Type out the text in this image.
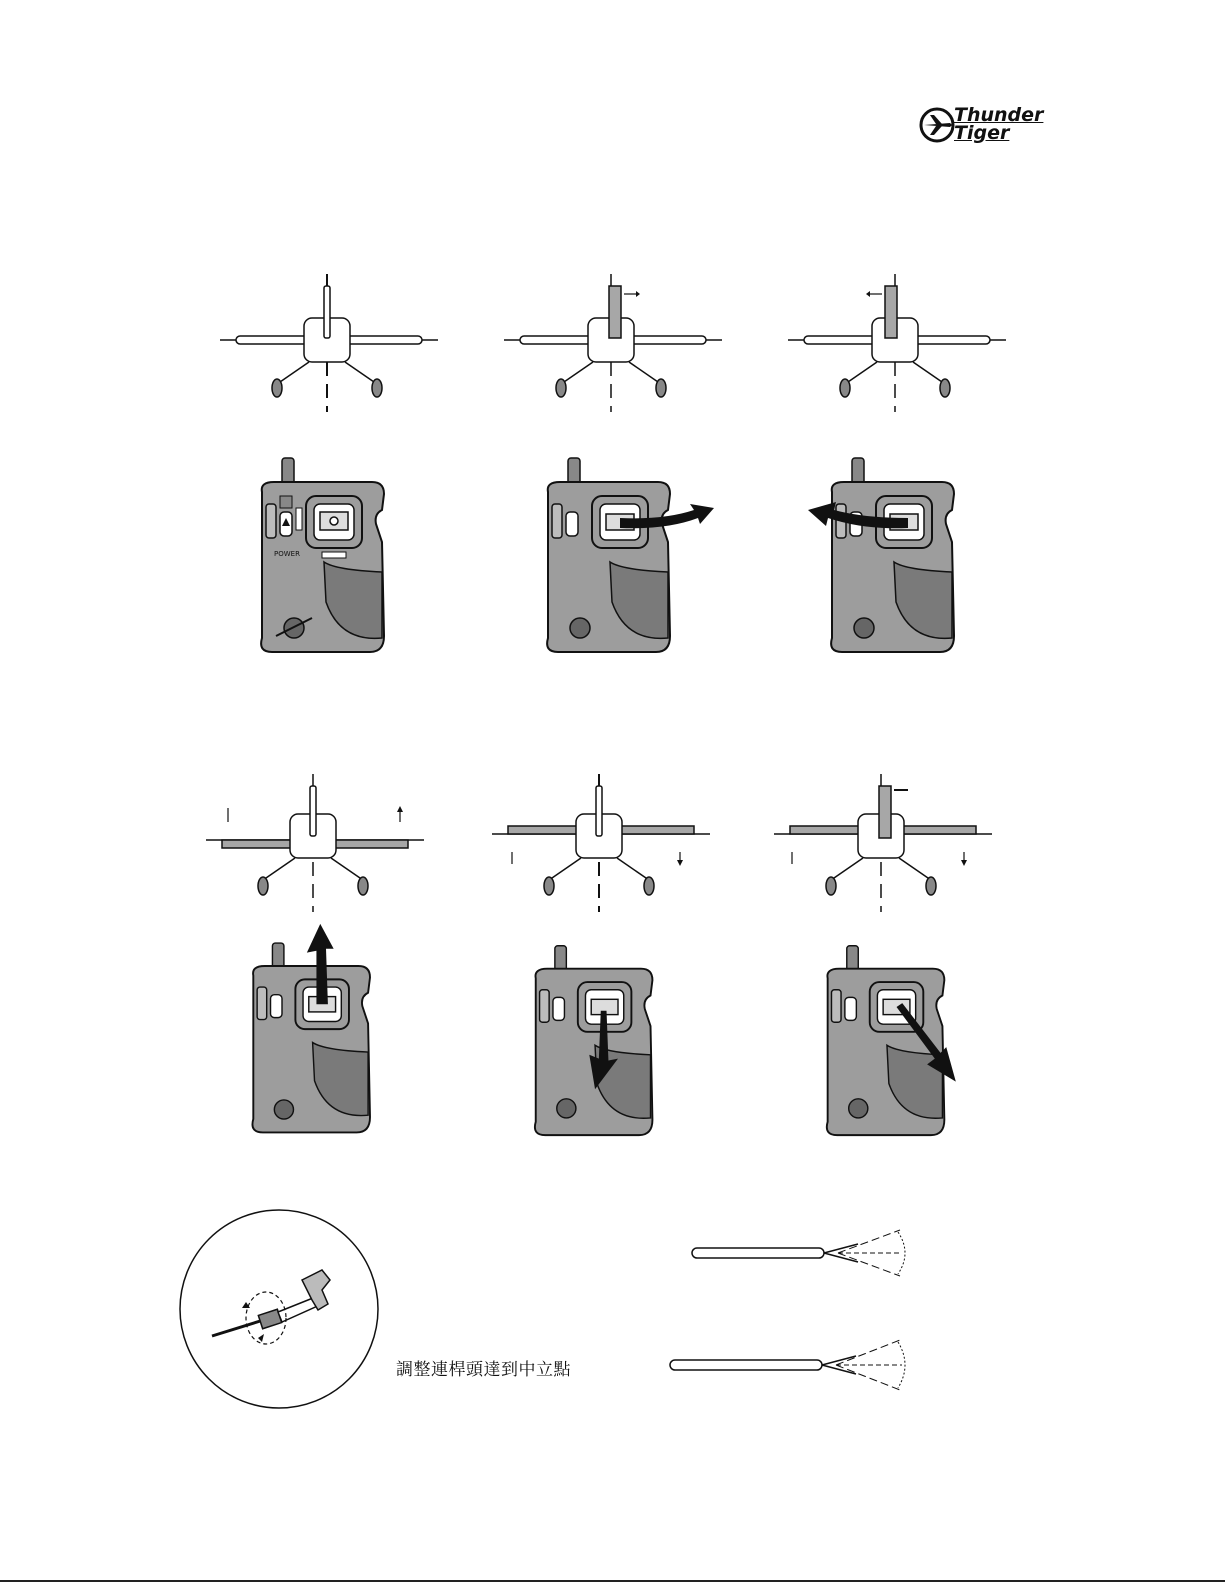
Thunder
Tiger
POWER
調整連桿頭達到中立點
